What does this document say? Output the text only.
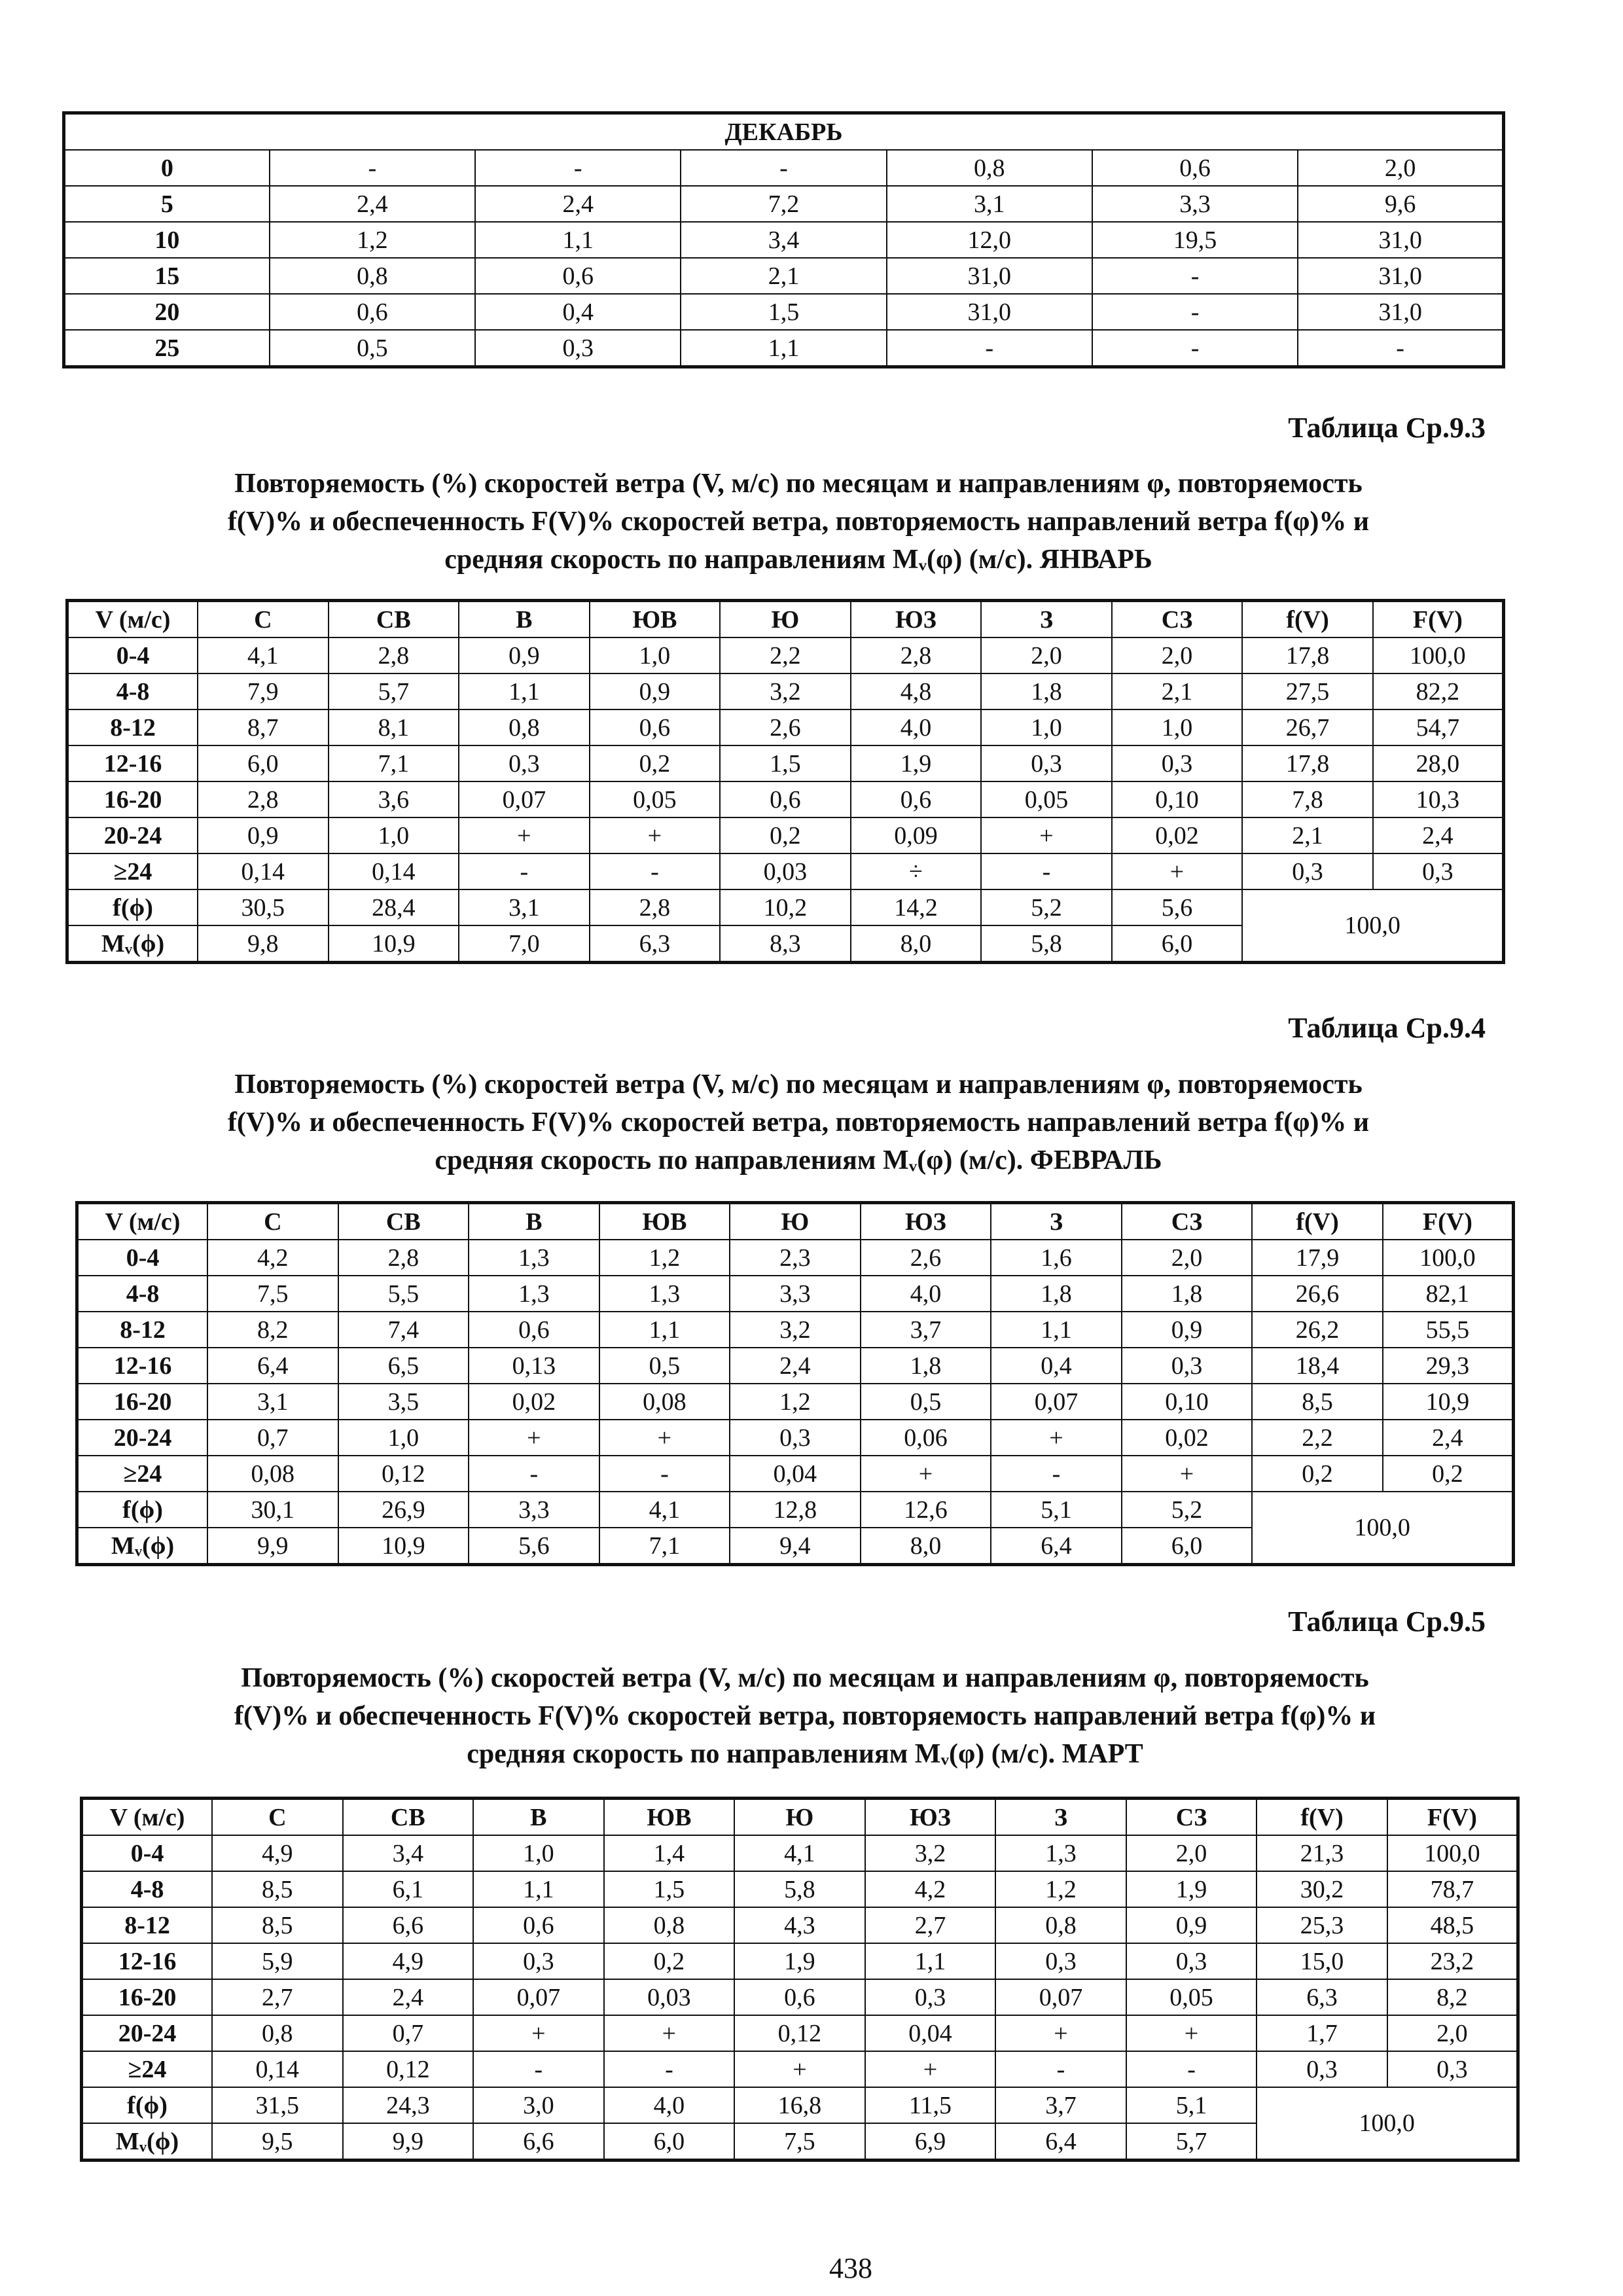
ДЕКАБРЬ						
0	-	-	-	0,8	0,6	2,0
5	2,4	2,4	7,2	3,1	3,3	9,6
10	1,2	1,1	3,4	12,0	19,5	31,0
15	0,8	0,6	2,1	31,0	-	31,0
20	0,6	0,4	1,5	31,0	-	31,0
25	0,5	0,3	1,1	-	-	-
Таблица Ср.9.3
Повторяемость (%) скоростей ветра (V, м/с) по месяцам и направлениям φ, повторяемость
f(V)% и обеспеченность F(V)% скоростей ветра, повторяемость направлений ветра f(φ)% и
средняя скорость по направлениям Mᵥ(φ) (м/с). ЯНВАРЬ
V (м/с)	С	СВ	В	ЮВ	Ю	ЮЗ	З	СЗ	f(V)	F(V)
0-4	4,1	2,8	0,9	1,0	2,2	2,8	2,0	2,0	17,8	100,0
4-8	7,9	5,7	1,1	0,9	3,2	4,8	1,8	2,1	27,5	82,2
8-12	8,7	8,1	0,8	0,6	2,6	4,0	1,0	1,0	26,7	54,7
12-16	6,0	7,1	0,3	0,2	1,5	1,9	0,3	0,3	17,8	28,0
16-20	2,8	3,6	0,07	0,05	0,6	0,6	0,05	0,10	7,8	10,3
20-24	0,9	1,0	+	+	0,2	0,09	+	0,02	2,1	2,4
≥24	0,14	0,14	-	-	0,03	÷	-	+	0,3	0,3
f(ϕ)	30,5	28,4	3,1	2,8	10,2	14,2	5,2	5,6	100,0	
Mᵥ(ϕ)	9,8	10,9	7,0	6,3	8,3	8,0	5,8	6,0		
Таблица Ср.9.4
Повторяемость (%) скоростей ветра (V, м/с) по месяцам и направлениям φ, повторяемость
f(V)% и обеспеченность F(V)% скоростей ветра, повторяемость направлений ветра f(φ)% и
средняя скорость по направлениям Mᵥ(φ) (м/с). ФЕВРАЛЬ
V (м/с)	С	СВ	В	ЮВ	Ю	ЮЗ	З	СЗ	f(V)	F(V)
0-4	4,2	2,8	1,3	1,2	2,3	2,6	1,6	2,0	17,9	100,0
4-8	7,5	5,5	1,3	1,3	3,3	4,0	1,8	1,8	26,6	82,1
8-12	8,2	7,4	0,6	1,1	3,2	3,7	1,1	0,9	26,2	55,5
12-16	6,4	6,5	0,13	0,5	2,4	1,8	0,4	0,3	18,4	29,3
16-20	3,1	3,5	0,02	0,08	1,2	0,5	0,07	0,10	8,5	10,9
20-24	0,7	1,0	+	+	0,3	0,06	+	0,02	2,2	2,4
≥24	0,08	0,12	-	-	0,04	+	-	+	0,2	0,2
f(ϕ)	30,1	26,9	3,3	4,1	12,8	12,6	5,1	5,2	100,0	
Mᵥ(ϕ)	9,9	10,9	5,6	7,1	9,4	8,0	6,4	6,0		
Таблица Ср.9.5
Повторяемость (%) скоростей ветра (V, м/с) по месяцам и направлениям φ, повторяемость
f(V)% и обеспеченность F(V)% скоростей ветра, повторяемость направлений ветра f(φ)% и
средняя скорость по направлениям Mᵥ(φ) (м/с). МАРТ
V (м/с)	С	СВ	В	ЮВ	Ю	ЮЗ	З	СЗ	f(V)	F(V)
0-4	4,9	3,4	1,0	1,4	4,1	3,2	1,3	2,0	21,3	100,0
4-8	8,5	6,1	1,1	1,5	5,8	4,2	1,2	1,9	30,2	78,7
8-12	8,5	6,6	0,6	0,8	4,3	2,7	0,8	0,9	25,3	48,5
12-16	5,9	4,9	0,3	0,2	1,9	1,1	0,3	0,3	15,0	23,2
16-20	2,7	2,4	0,07	0,03	0,6	0,3	0,07	0,05	6,3	8,2
20-24	0,8	0,7	+	+	0,12	0,04	+	+	1,7	2,0
≥24	0,14	0,12	-	-	+	+	-	-	0,3	0,3
f(ϕ)	31,5	24,3	3,0	4,0	16,8	11,5	3,7	5,1	100,0	
Mᵥ(ϕ)	9,5	9,9	6,6	6,0	7,5	6,9	6,4	5,7		
438
